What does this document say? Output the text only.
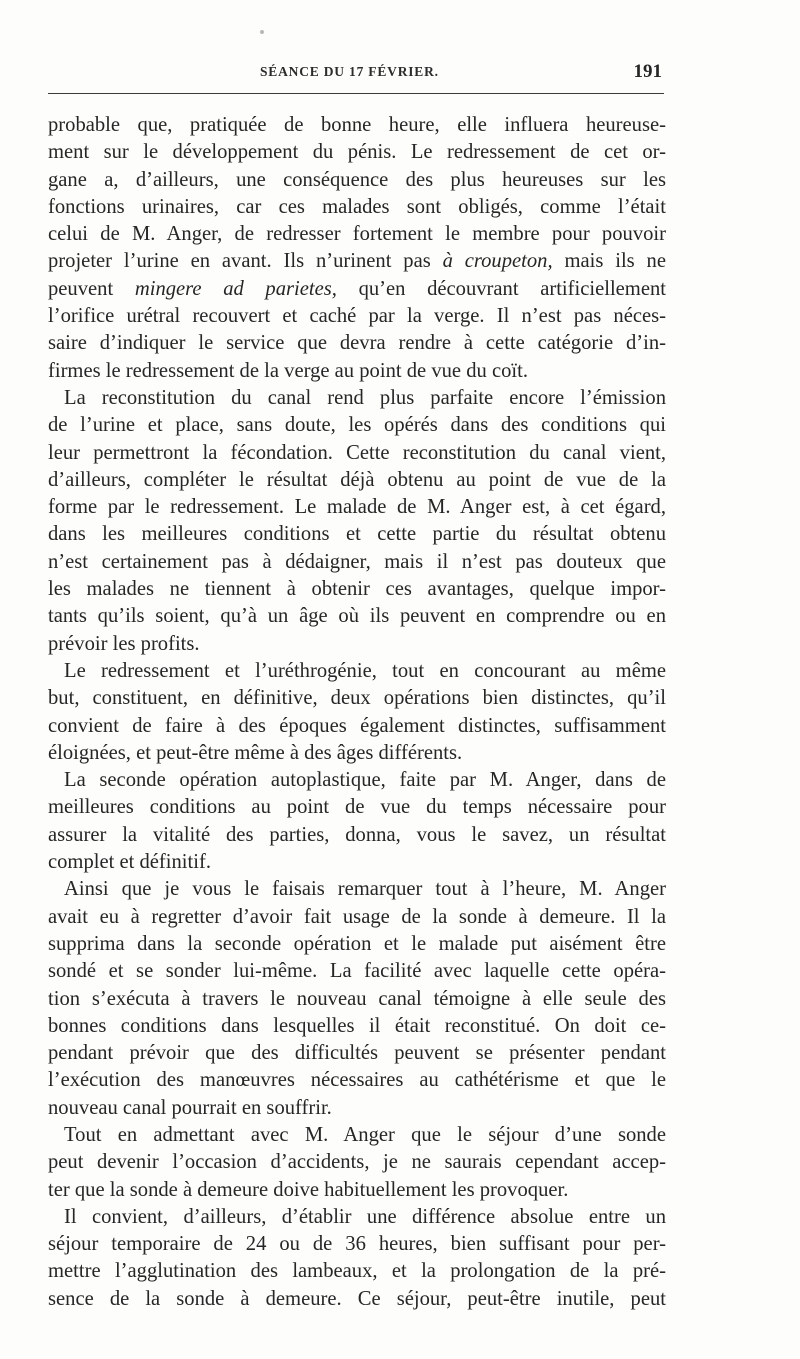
SÉANCE DU 17 FÉVRIER.	191

probable que, pratiquée de bonne heure, elle influera heureuse-

ment sur le développement du pénis. Le redressement de cet or-

gane a, d’ailleurs, une conséquence des plus heureuses sur les

fonctions urinaires, car ces malades sont obligés, comme l’était

celui de M. Anger, de redresser fortement le membre pour pouvoir

projeter l’urine en avant. Ils n’urinent pas à croupeton, mais ils ne

peuvent mingere ad parietes, qu’en découvrant artificiellement

l’orifice urétral recouvert et caché par la verge. Il n’est pas néces-

saire d’indiquer le service que devra rendre à cette catégorie d’in-

firmes le redressement de la verge au point de vue du coït.

La reconstitution du canal rend plus parfaite encore l’émission

de l’urine et place, sans doute, les opérés dans des conditions qui

leur permettront la fécondation. Cette reconstitution du canal vient,

d’ailleurs, compléter le résultat déjà obtenu au point de vue de la

forme par le redressement. Le malade de M. Anger est, à cet égard,

dans les meilleures conditions et cette partie du résultat obtenu

n’est certainement pas à dédaigner, mais il n’est pas douteux que

les malades ne tiennent à obtenir ces avantages, quelque impor-

tants qu’ils soient, qu’à un âge où ils peuvent en comprendre ou en

prévoir les profits.

Le redressement et l’uréthrogénie, tout en concourant au même

but, constituent, en définitive, deux opérations bien distinctes, qu’il

convient de faire à des époques également distinctes, suffisamment

éloignées, et peut-être même à des âges différents.

La seconde opération autoplastique, faite par M. Anger, dans de

meilleures conditions au point de vue du temps nécessaire pour

assurer la vitalité des parties, donna, vous le savez, un résultat

complet et définitif.

Ainsi que je vous le faisais remarquer tout à l’heure, M. Anger

avait eu à regretter d’avoir fait usage de la sonde à demeure. Il la

supprima dans la seconde opération et le malade put aisément être

sondé et se sonder lui-même. La facilité avec laquelle cette opéra-

tion s’exécuta à travers le nouveau canal témoigne à elle seule des

bonnes conditions dans lesquelles il était reconstitué. On doit ce-

pendant prévoir que des difficultés peuvent se présenter pendant

l’exécution des manœuvres nécessaires au cathétérisme et que le

nouveau canal pourrait en souffrir.

Tout en admettant avec M. Anger que le séjour d’une sonde

peut devenir l’occasion d’accidents, je ne saurais cependant accep-

ter que la sonde à demeure doive habituellement les provoquer.

Il convient, d’ailleurs, d’établir une différence absolue entre un

séjour temporaire de 24 ou de 36 heures, bien suffisant pour per-

mettre l’agglutination des lambeaux, et la prolongation de la pré-

sence de la sonde à demeure. Ce séjour, peut-être inutile, peut
